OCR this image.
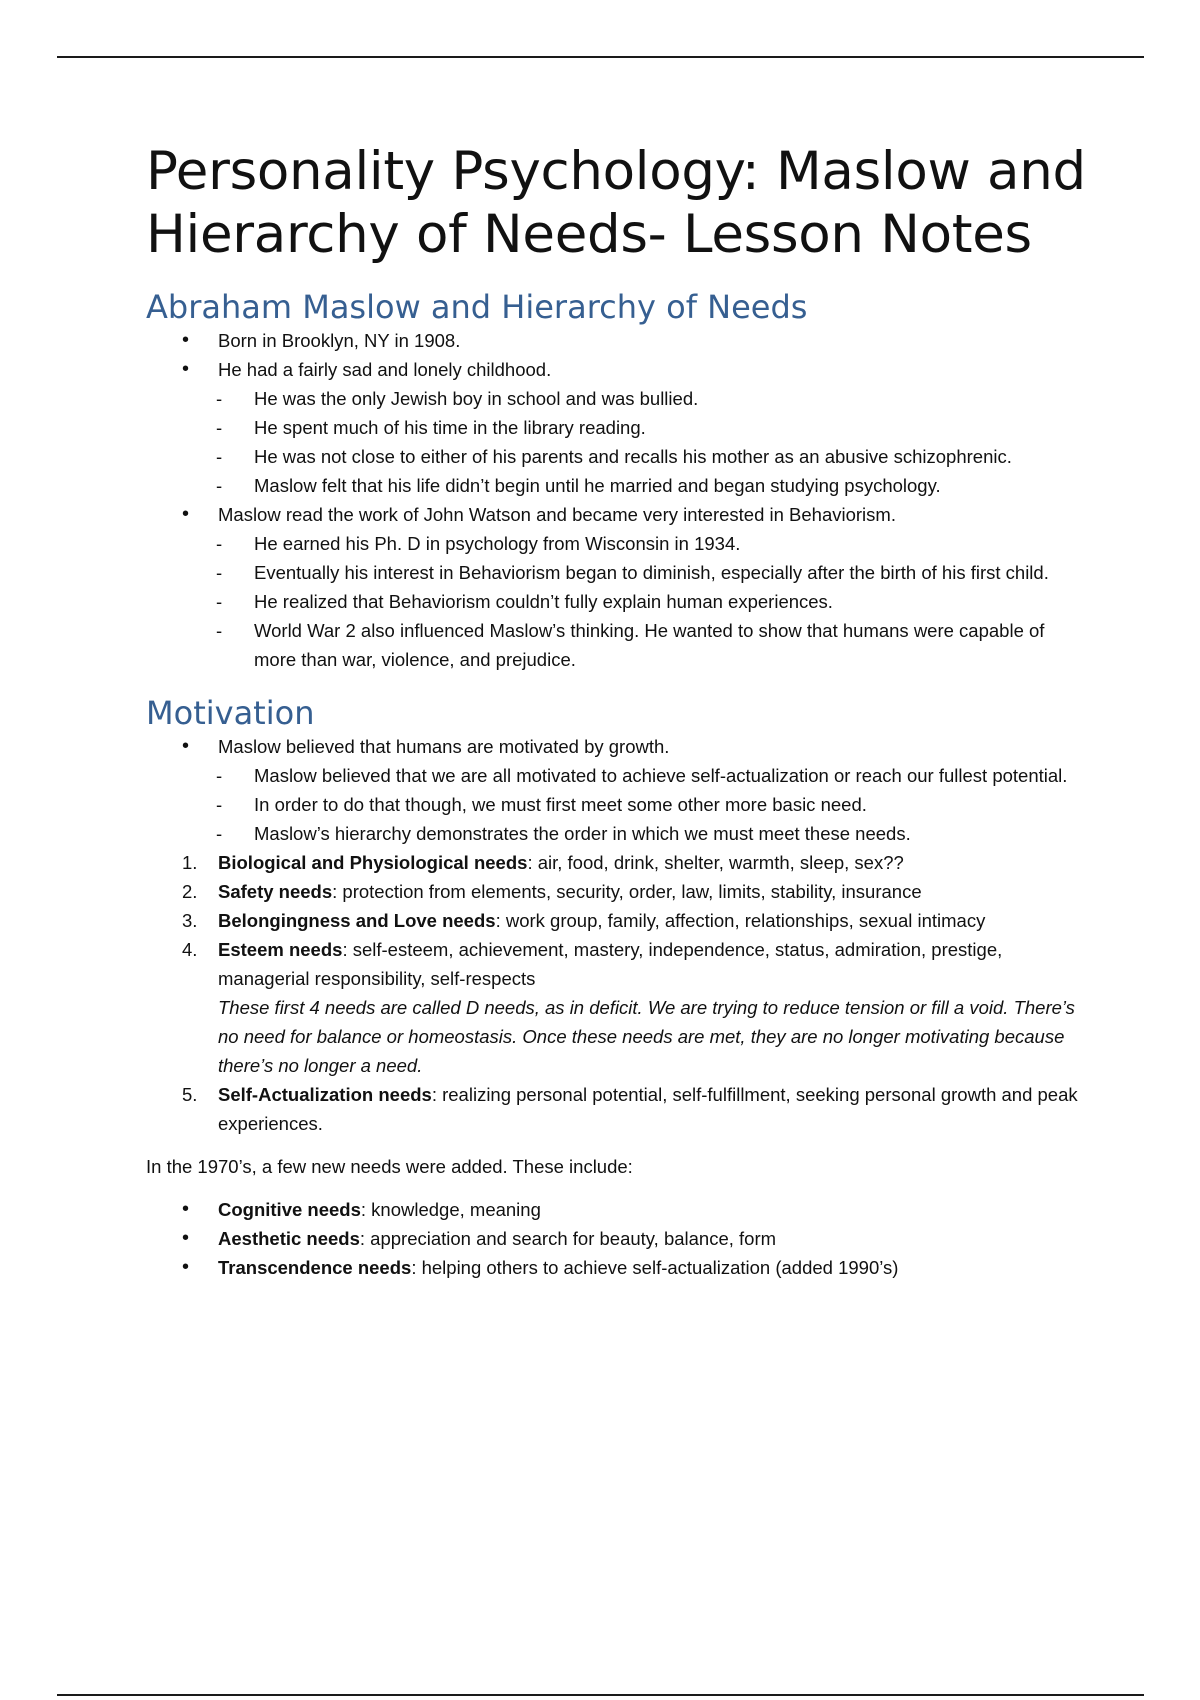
Personality Psychology: Maslow and Hierarchy of Needs- Lesson Notes
Abraham Maslow and Hierarchy of Needs
• Born in Brooklyn, NY in 1908.
• He had a fairly sad and lonely childhood.
- He was the only Jewish boy in school and was bullied.
- He spent much of his time in the library reading.
- He was not close to either of his parents and recalls his mother as an abusive schizophrenic.
- Maslow felt that his life didn’t begin until he married and began studying psychology.
• Maslow read the work of John Watson and became very interested in Behaviorism.
- He earned his Ph. D in psychology from Wisconsin in 1934.
- Eventually his interest in Behaviorism began to diminish, especially after the birth of his first child.
- He realized that Behaviorism couldn’t fully explain human experiences.
- World War 2 also influenced Maslow’s thinking. He wanted to show that humans were capable of more than war, violence, and prejudice.
Motivation
• Maslow believed that humans are motivated by growth.
- Maslow believed that we are all motivated to achieve self-actualization or reach our fullest potential.
- In order to do that though, we must first meet some other more basic need.
- Maslow’s hierarchy demonstrates the order in which we must meet these needs.
1. Biological and Physiological needs: air, food, drink, shelter, warmth, sleep, sex??
2. Safety needs: protection from elements, security, order, law, limits, stability, insurance
3. Belongingness and Love needs: work group, family, affection, relationships, sexual intimacy
4. Esteem needs: self-esteem, achievement, mastery, independence, status, admiration, prestige, managerial responsibility, self-respects
These first 4 needs are called D needs, as in deficit. We are trying to reduce tension or fill a void. There’s no need for balance or homeostasis. Once these needs are met, they are no longer motivating because there’s no longer a need.
5. Self-Actualization needs: realizing personal potential, self-fulfillment, seeking personal growth and peak experiences.

In the 1970’s, a few new needs were added. These include:

• Cognitive needs: knowledge, meaning
• Aesthetic needs: appreciation and search for beauty, balance, form
• Transcendence needs: helping others to achieve self-actualization (added 1990’s)
